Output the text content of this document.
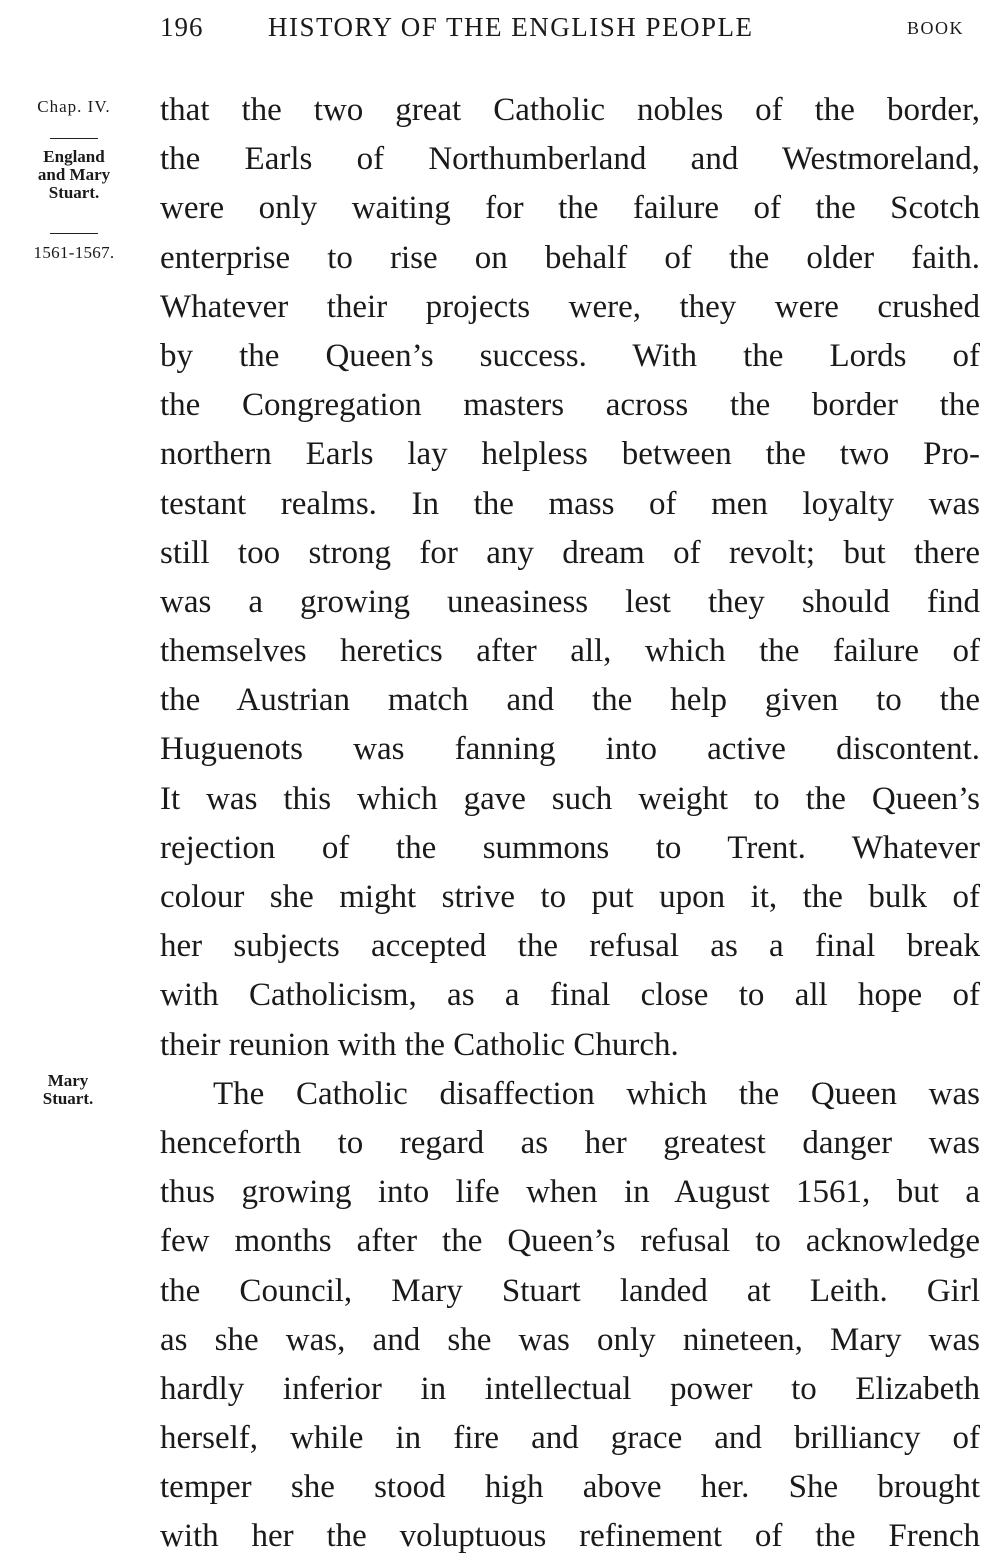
196 HISTORY OF THE ENGLISH PEOPLE	BOOK
Chap. IV.
England
and Mary
Stuart.
1561-1567.
Mary
Stuart.
that the two great Catholic nobles of the border,
the Earls of Northumberland and Westmoreland,
were only waiting for the failure of the Scotch
enterprise to rise on behalf of the older faith.
Whatever their projects were, they were crushed
by the Queen’s success. With the Lords of
the Congregation masters across the border the
northern Earls lay helpless between the two Pro-
testant realms. In the mass of men loyalty was
still too strong for any dream of revolt; but there
was a growing uneasiness lest they should find
themselves heretics after all, which the failure of
the Austrian match and the help given to the
Huguenots was fanning into active discontent.
It was this which gave such weight to the Queen’s
rejection of the summons to Trent. Whatever
colour she might strive to put upon it, the bulk of
her subjects accepted the refusal as a final break
with Catholicism, as a final close to all hope of
their reunion with the Catholic Church.
The Catholic disaffection which the Queen was
henceforth to regard as her greatest danger was
thus growing into life when in August 1561, but a
few months after the Queen’s refusal to acknowledge
the Council, Mary Stuart landed at Leith. Girl
as she was, and she was only nineteen, Mary was
hardly inferior in intellectual power to Elizabeth
herself, while in fire and grace and brilliancy of
temper she stood high above her. She brought
with her the voluptuous refinement of the French
